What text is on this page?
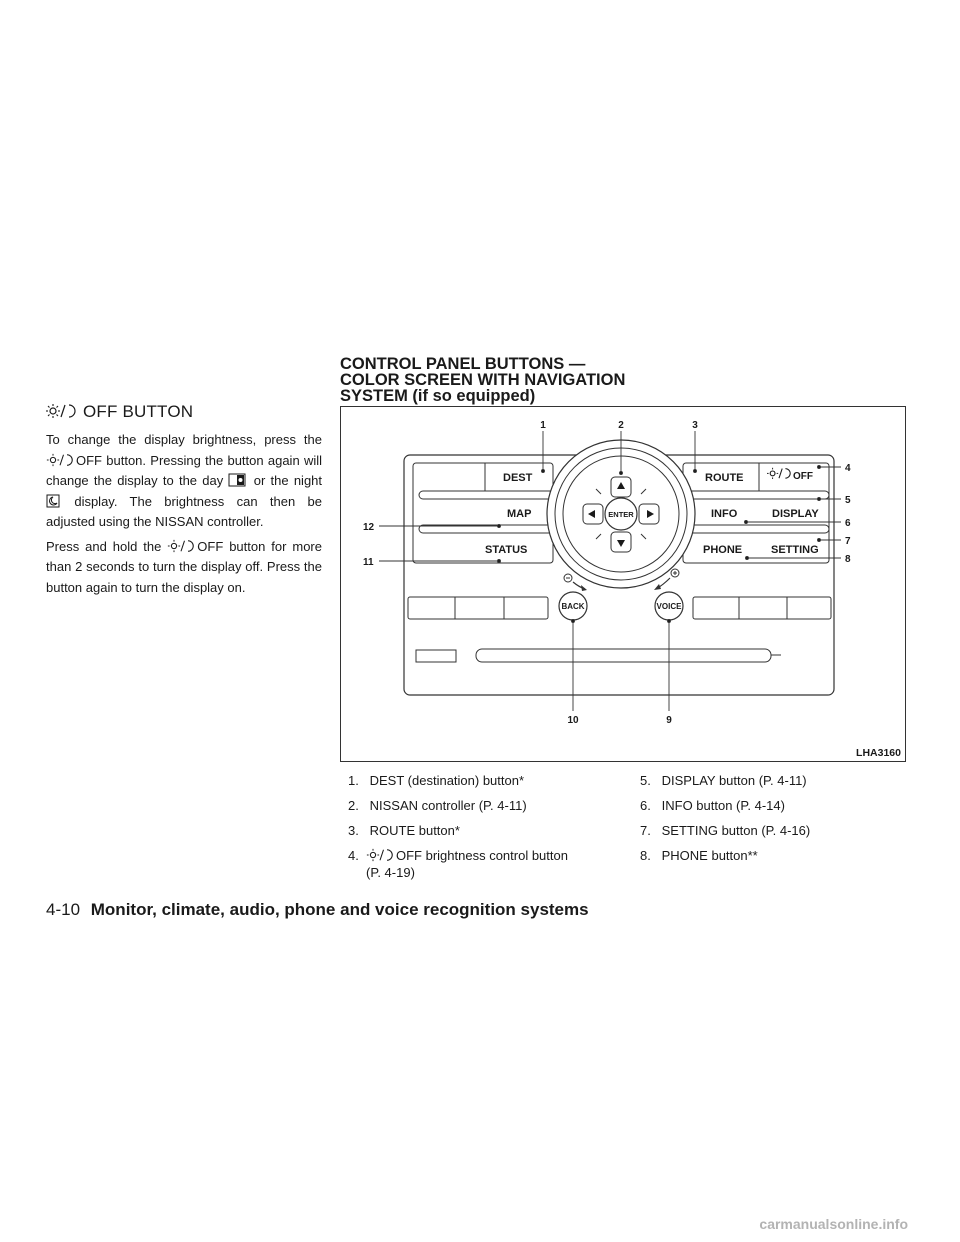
OFF BUTTON

To change the display brightness, press the OFF button. Pressing the button again will change the display to the day  or the night  display. The brightness can then be adjusted using the NISSAN controller.

Press and hold the OFF button for more than 2 seconds to turn the display off. Press the button again to turn the display on.

CONTROL PANEL BUTTONS —
COLOR SCREEN WITH NAVIGATION
SYSTEM (if so equipped)
DEST
MAP
STATUS
ROUTE
INFO
PHONE
OFF
DISPLAY
SETTING
ENTER
BACK	VOICE
1	2	3
4
5
6
7
8
9
10
11
12
LHA3160
1. DEST (destination) button*
2. NISSAN controller (P. 4-11)
3. ROUTE button*
4.	OFF brightness control button
(P. 4-19)
5. DISPLAY button (P. 4-11)
6. INFO button (P. 4-14)
7. SETTING button (P. 4-16)
8. PHONE button**
4-10 Monitor, climate, audio, phone and voice recognition systems
carmanualsonline.info
